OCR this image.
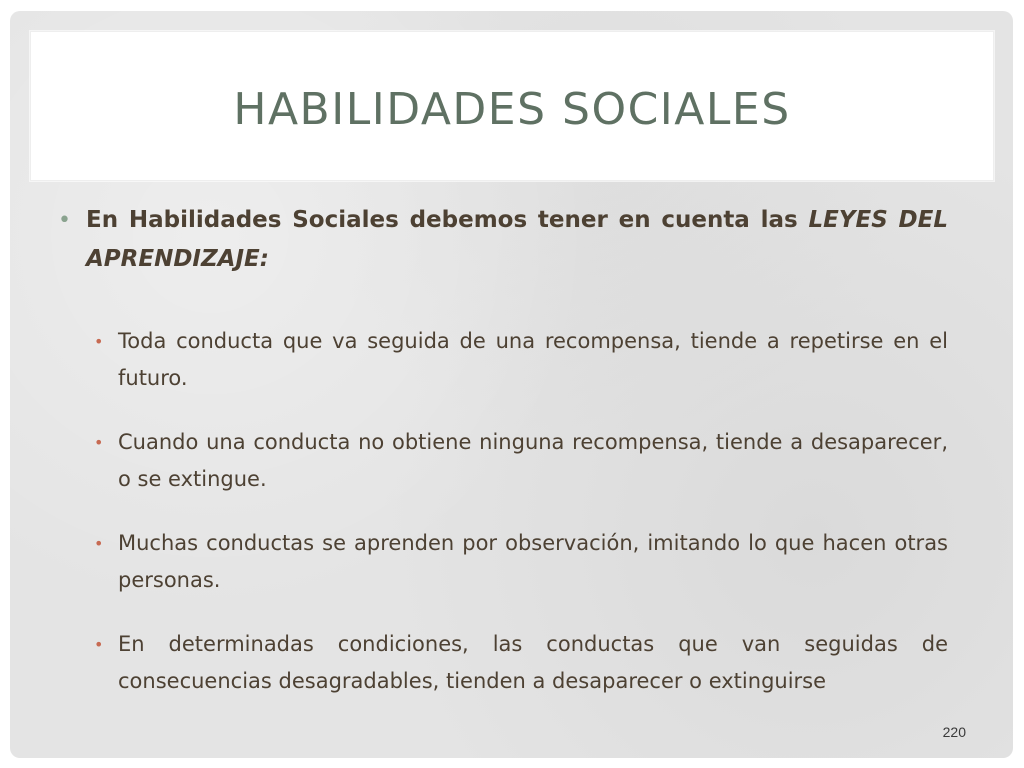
HABILIDADES SOCIALES

• En Habilidades Sociales debemos tener en cuenta las LEYES DEL APRENDIZAJE:

• Toda conducta que va seguida de una recompensa, tiende a repetirse en el futuro.
• Cuando una conducta no obtiene ninguna recompensa, tiende a desaparecer, o se extingue.
• Muchas conductas se aprenden por observación, imitando lo que hacen otras personas.
• En determinadas condiciones, las conductas que van seguidas de consecuencias desagradables, tienden a desaparecer o extinguirse
220
